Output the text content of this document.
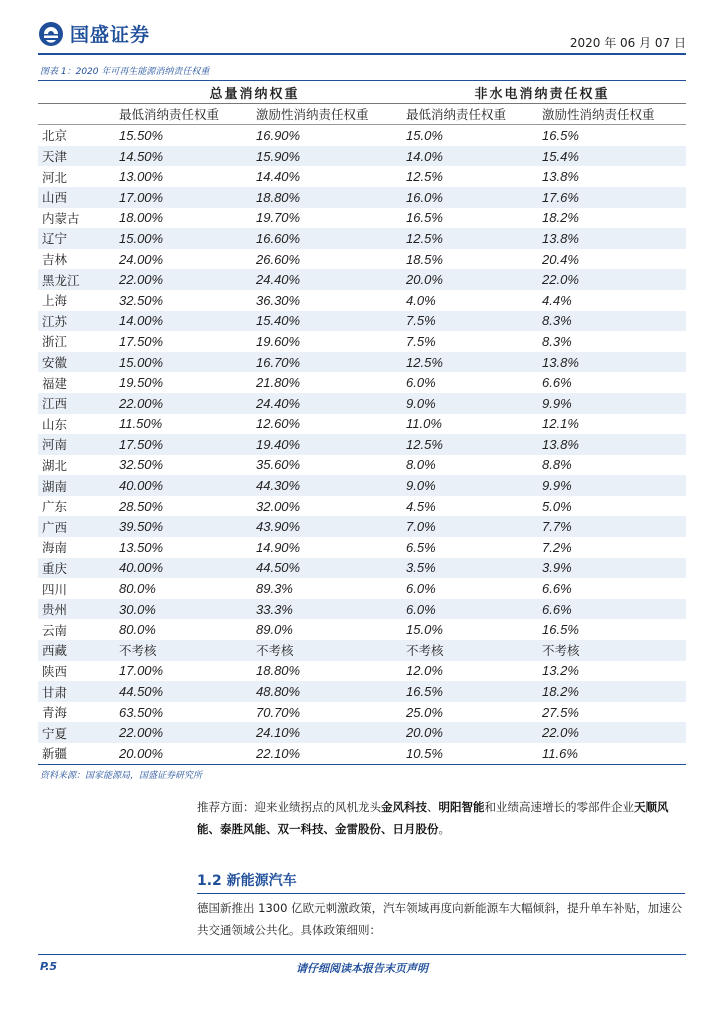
国盛证券	2020 年 06 月 07 日
图表 1：2020 年可再生能源消纳责任权重
	总量消纳权重		非水电消纳责任权重	
	最低消纳责任权重	激励性消纳责任权重	最低消纳责任权重	激励性消纳责任权重
北京	15.50%	16.90%	15.0%	16.5%
天津	14.50%	15.90%	14.0%	15.4%
河北	13.00%	14.40%	12.5%	13.8%
山西	17.00%	18.80%	16.0%	17.6%
内蒙古	18.00%	19.70%	16.5%	18.2%
辽宁	15.00%	16.60%	12.5%	13.8%
吉林	24.00%	26.60%	18.5%	20.4%
黑龙江	22.00%	24.40%	20.0%	22.0%
上海	32.50%	36.30%	4.0%	4.4%
江苏	14.00%	15.40%	7.5%	8.3%
浙江	17.50%	19.60%	7.5%	8.3%
安徽	15.00%	16.70%	12.5%	13.8%
福建	19.50%	21.80%	6.0%	6.6%
江西	22.00%	24.40%	9.0%	9.9%
山东	11.50%	12.60%	11.0%	12.1%
河南	17.50%	19.40%	12.5%	13.8%
湖北	32.50%	35.60%	8.0%	8.8%
湖南	40.00%	44.30%	9.0%	9.9%
广东	28.50%	32.00%	4.5%	5.0%
广西	39.50%	43.90%	7.0%	7.7%
海南	13.50%	14.90%	6.5%	7.2%
重庆	40.00%	44.50%	3.5%	3.9%
四川	80.0%	89.3%	6.0%	6.6%
贵州	30.0%	33.3%	6.0%	6.6%
云南	80.0%	89.0%	15.0%	16.5%
西藏	不考核	不考核	不考核	不考核
陕西	17.00%	18.80%	12.0%	13.2%
甘肃	44.50%	48.80%	16.5%	18.2%
青海	63.50%	70.70%	25.0%	27.5%
宁夏	22.00%	24.10%	20.0%	22.0%
新疆	20.00%	22.10%	10.5%	11.6%
资料来源：国家能源局，国盛证券研究所
推荐方面：迎来业绩拐点的风机龙头金风科技、明阳智能和业绩高速增长的零部件企业天顺风能、泰胜风能、双一科技、金雷股份、日月股份。
1.2 新能源汽车
德国新推出 1300 亿欧元刺激政策，汽车领域再度向新能源车大幅倾斜，提升单车补贴，加速公共交通领域公共化。具体政策细则：
请仔细阅读本报告末页声明
P.5
